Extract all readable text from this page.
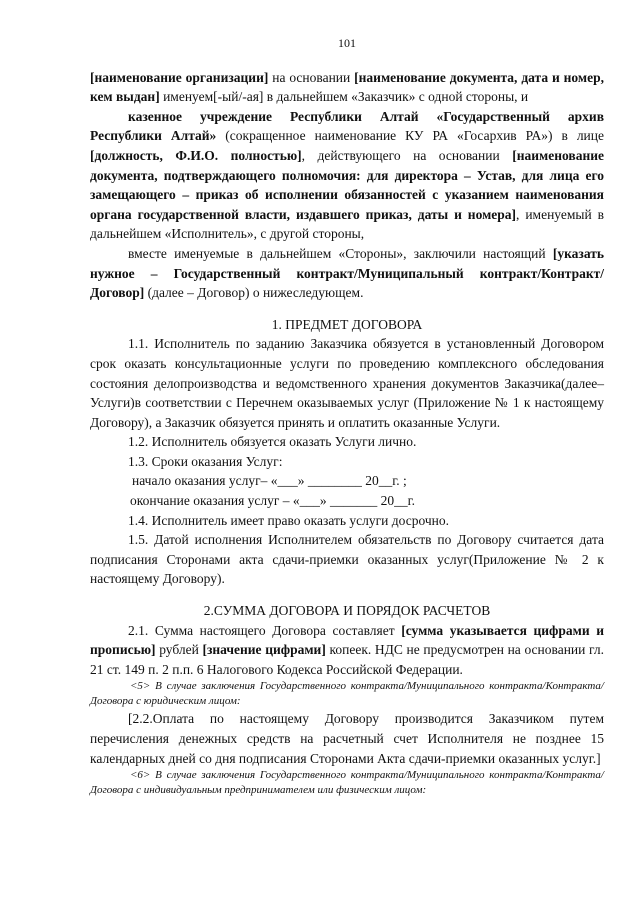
101

[наименование организации] на основании [наименование документа, дата и номер, кем выдан] именуем[-ый/-ая] в дальнейшем «Заказчик» с одной стороны, и

казенное учреждение Республики Алтай «Государственный архив Республики Алтай» (сокращенное наименование КУ РА «Госархив РА») в лице [должность, Ф.И.О. полностью], действующего на основании [наименование документа, подтверждающего полномочия: для директора – Устав, для лица его замещающего – приказ об исполнении обязанностей с указанием наименования органа государственной власти, издавшего приказ, даты и номера], именуемый в дальнейшем «Исполнитель», с другой стороны,

вместе именуемые в дальнейшем «Стороны», заключили настоящий [указать нужное – Государственный контракт/Муниципальный контракт/Контракт/Договор] (далее – Договор) о нижеследующем.

1. ПРЕДМЕТ ДОГОВОРА

1.1. Исполнитель по заданию Заказчика обязуется в установленный Договором срок оказать консультационные услуги по проведению комплексного обследования состояния делопроизводства и ведомственного хранения документов Заказчика(далее– Услуги)в соответствии с Перечнем оказываемых услуг (Приложение № 1 к настоящему Договору), а Заказчик обязуется принять и оплатить оказанные Услуги.

1.2. Исполнитель обязуется оказать Услуги лично.

1.3. Сроки оказания Услуг:

начало оказания услуг– «___» ________ 20__г. ;
окончание оказания услуг – «___» _______ 20__г.

1.4. Исполнитель имеет право оказать услуги досрочно.

1.5. Датой исполнения Исполнителем обязательств по Договору считается дата подписания Сторонами акта сдачи-приемки оказанных услуг(Приложение № 2 к настоящему Договору).

2.СУММА ДОГОВОРА И ПОРЯДОК РАСЧЕТОВ

2.1. Сумма настоящего Договора составляет [сумма указывается цифрами и прописью] рублей [значение цифрами] копеек. НДС не предусмотрен на основании гл. 21 ст. 149 п. 2 п.п. 6 Налогового Кодекса Российской Федерации.

<5> В случае заключения Государственного контракта/Муниципального контракта/Контракта/Договора с юридическим лицом:

[2.2.Оплата по настоящему Договору производится Заказчиком путем перечисления денежных средств на расчетный счет Исполнителя не позднее 15 календарных дней со дня подписания Сторонами Акта сдачи-приемки оказанных услуг.]

<6> В случае заключения Государственного контракта/Муниципального контракта/Контракта/Договора с индивидуальным предпринимателем или физическим лицом:
